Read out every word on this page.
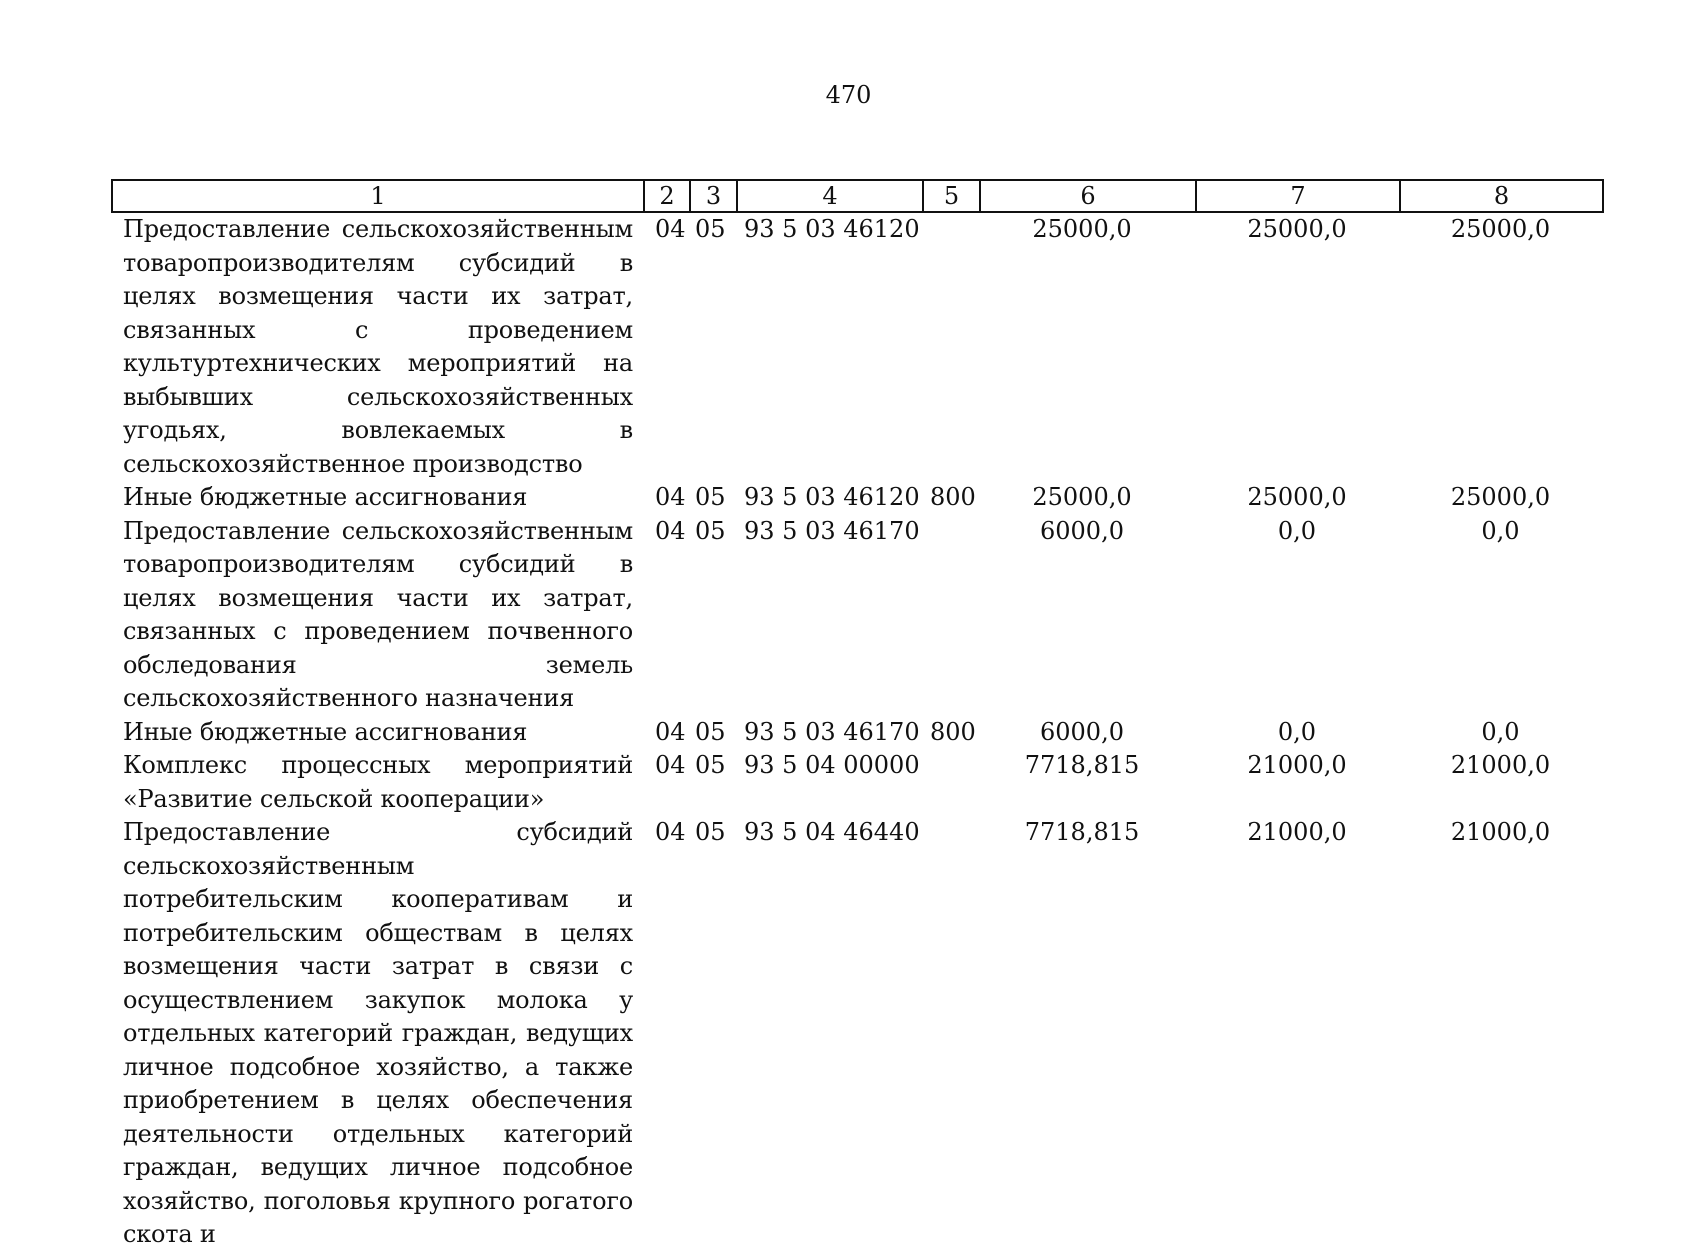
470
1	2	3	4	5	6	7	8
Предоставление сельскохозяйственным товаропроизводителям субсидий в целях возмещения части их затрат, связанных с проведением культуртехнических мероприятий на выбывших сельскохозяйственных угодьях, вовлекаемых в сельскохозяйственное производство	04	05	93 5 03 46120		25000,0	25000,0	25000,0
Иные бюджетные ассигнования	04	05	93 5 03 46120	800	25000,0	25000,0	25000,0
Предоставление сельскохозяйственным товаропроизводителям субсидий в целях возмещения части их затрат, связанных с проведением почвенного обследования земель сельскохозяйственного назначения	04	05	93 5 03 46170		6000,0	0,0	0,0
Иные бюджетные ассигнования	04	05	93 5 03 46170	800	6000,0	0,0	0,0
Комплекс процессных мероприятий «Развитие сельской кооперации»	04	05	93 5 04 00000		7718,815	21000,0	21000,0
Предоставление субсидий сельскохозяйственным потребительским кооперативам и потребительским обществам в целях возмещения части затрат в связи с осуществлением закупок молока у отдельных категорий граждан, ведущих личное подсобное хозяйство, а также приобретением в целях обеспечения деятельности отдельных категорий граждан, ведущих личное подсобное хозяйство, поголовья крупного рогатого скота и	04	05	93 5 04 46440		7718,815	21000,0	21000,0
